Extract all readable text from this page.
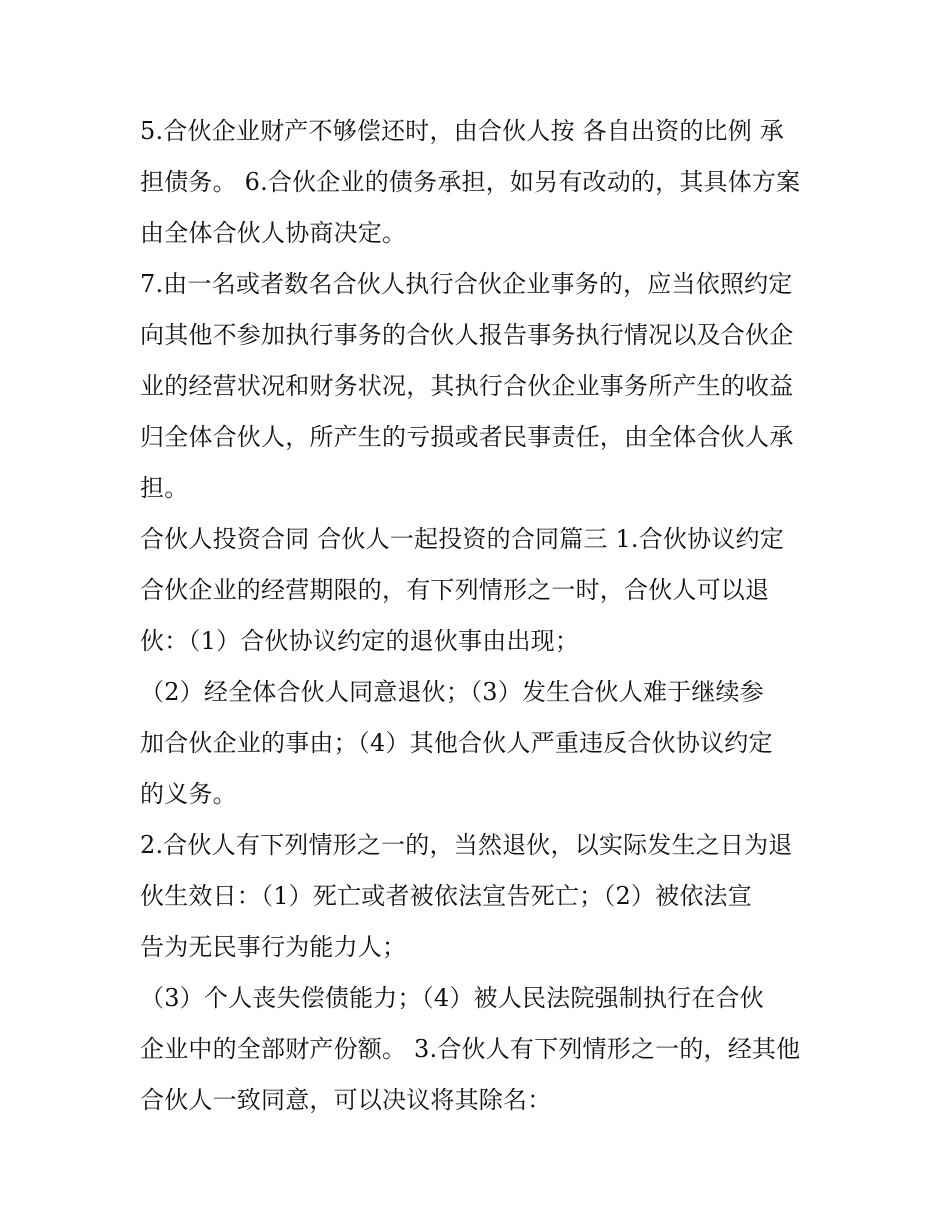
5.合伙企业财产不够偿还时，由合伙人按 各自出资的比例 承
担债务。 6.合伙企业的债务承担，如另有改动的，其具体方案
由全体合伙人协商决定。
7.由一名或者数名合伙人执行合伙企业事务的，应当依照约定
向其他不参加执行事务的合伙人报告事务执行情况以及合伙企
业的经营状况和财务状况，其执行合伙企业事务所产生的收益
归全体合伙人，所产生的亏损或者民事责任，由全体合伙人承
担。
合伙人投资合同 合伙人一起投资的合同篇三 1.合伙协议约定
合伙企业的经营期限的，有下列情形之一时，合伙人可以退
伙：（1）合伙协议约定的退伙事由出现；
（2）经全体合伙人同意退伙；（3）发生合伙人难于继续参
加合伙企业的事由；（4）其他合伙人严重违反合伙协议约定
的义务。
2.合伙人有下列情形之一的，当然退伙，以实际发生之日为退
伙生效日：（1）死亡或者被依法宣告死亡；（2）被依法宣
告为无民事行为能力人；
（3）个人丧失偿债能力；（4）被人民法院强制执行在合伙
企业中的全部财产份额。 3.合伙人有下列情形之一的，经其他
合伙人一致同意，可以决议将其除名：
